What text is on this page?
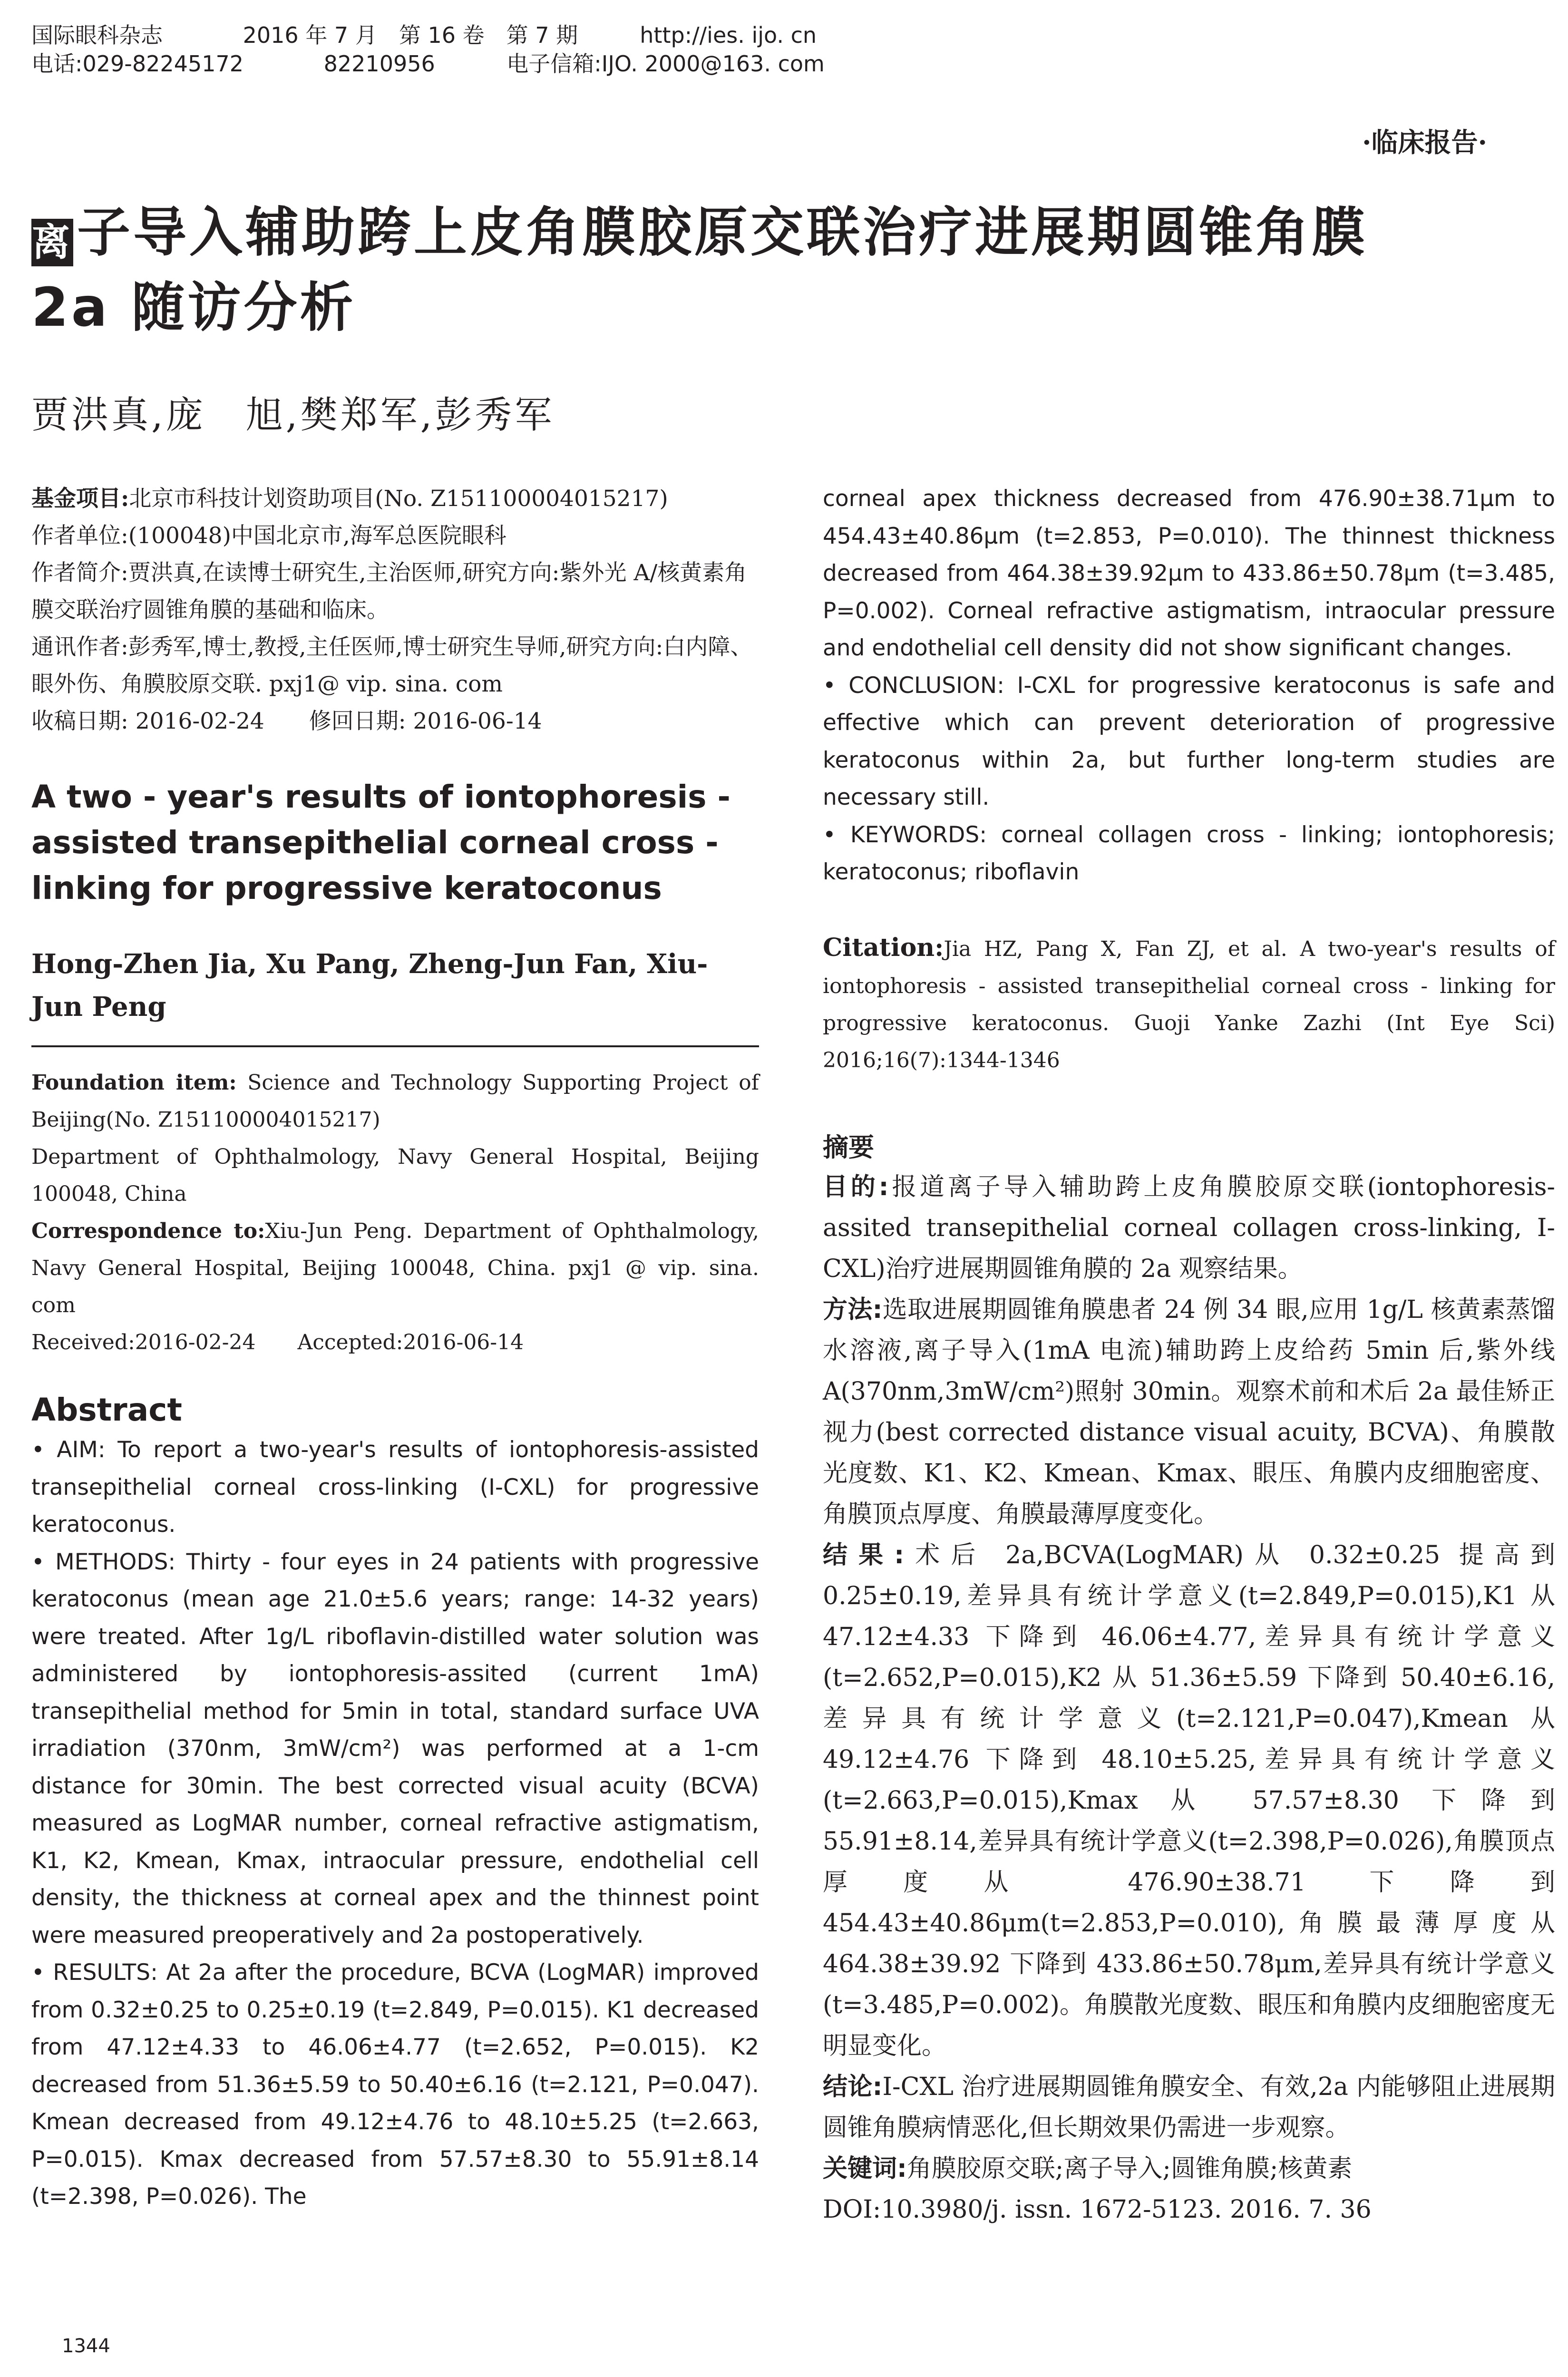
国际眼科杂志	2016 年 7 月　第 16 卷　第 7 期	http://ies. ijo. cn
电话:029-82245172	82210956	电子信箱:IJO. 2000@163. com
·临床报告·
离子导入辅助跨上皮角膜胶原交联治疗进展期圆锥角膜
2a 随访分析
贾洪真,庞　旭,樊郑军,彭秀军

基金项目:北京市科技计划资助项目(No. Z151100004015217)

作者单位:(100048)中国北京市,海军总医院眼科

作者简介:贾洪真,在读博士研究生,主治医师,研究方向:紫外光 A/核黄素角膜交联治疗圆锥角膜的基础和临床。

通讯作者:彭秀军,博士,教授,主任医师,博士研究生导师,研究方向:白内障、眼外伤、角膜胶原交联. pxj1@ vip. sina. com

收稿日期: 2016-02-24　　修回日期: 2016-06-14

A two - year's results of iontophoresis - assisted transepithelial corneal cross - linking for progressive keratoconus
Hong-Zhen Jia, Xu Pang, Zheng-Jun Fan, Xiu-Jun Peng
Foundation item: Science and Technology Supporting Project of Beijing(No. Z151100004015217)
Department of Ophthalmology, Navy General Hospital, Beijing 100048, China
Correspondence to:Xiu-Jun Peng. Department of Ophthalmology, Navy General Hospital, Beijing 100048, China. pxj1 @ vip. sina. com
Received:2016-02-24　　Accepted:2016-06-14
Abstract

• AIM: To report a two-year's results of iontophoresis-assisted transepithelial corneal cross-linking (I-CXL) for progressive keratoconus.

• METHODS: Thirty - four eyes in 24 patients with progressive keratoconus (mean age 21.0±5.6 years; range: 14-32 years) were treated. After 1g/L riboflavin-distilled water solution was administered by iontophoresis-assited (current 1mA) transepithelial method for 5min in total, standard surface UVA irradiation (370nm, 3mW/cm²) was performed at a 1-cm distance for 30min. The best corrected visual acuity (BCVA) measured as LogMAR number, corneal refractive astigmatism, K1, K2, Kmean, Kmax, intraocular pressure, endothelial cell density, the thickness at corneal apex and the thinnest point were measured preoperatively and 2a postoperatively.

• RESULTS: At 2a after the procedure, BCVA (LogMAR) improved from 0.32±0.25 to 0.25±0.19 (t=2.849, P=0.015). K1 decreased from 47.12±4.33 to 46.06±4.77 (t=2.652, P=0.015). K2 decreased from 51.36±5.59 to 50.40±6.16 (t=2.121, P=0.047). Kmean decreased from 49.12±4.76 to 48.10±5.25 (t=2.663, P=0.015). Kmax decreased from 57.57±8.30 to 55.91±8.14 (t=2.398, P=0.026). The

corneal apex thickness decreased from 476.90±38.71μm to 454.43±40.86μm (t=2.853, P=0.010). The thinnest thickness decreased from 464.38±39.92μm to 433.86±50.78μm (t=3.485, P=0.002). Corneal refractive astigmatism, intraocular pressure and endothelial cell density did not show significant changes.

• CONCLUSION: I-CXL for progressive keratoconus is safe and effective which can prevent deterioration of progressive keratoconus within 2a, but further long-term studies are necessary still.

• KEYWORDS: corneal collagen cross - linking; iontophoresis; keratoconus; riboflavin

Citation:Jia HZ, Pang X, Fan ZJ, et al. A two-year's results of iontophoresis - assisted transepithelial corneal cross - linking for progressive keratoconus. Guoji Yanke Zazhi (Int Eye Sci) 2016;16(7):1344-1346
摘要

目的:报道离子导入辅助跨上皮角膜胶原交联(iontophoresis-assited transepithelial corneal collagen cross-linking, I-CXL)治疗进展期圆锥角膜的 2a 观察结果。

方法:选取进展期圆锥角膜患者 24 例 34 眼,应用 1g/L 核黄素蒸馏水溶液,离子导入(1mA 电流)辅助跨上皮给药 5min 后,紫外线 A(370nm,3mW/cm²)照射 30min。观察术前和术后 2a 最佳矫正视力(best corrected distance visual acuity, BCVA)、角膜散光度数、K1、K2、Kmean、Kmax、眼压、角膜内皮细胞密度、角膜顶点厚度、角膜最薄厚度变化。

结果:术后 2a,BCVA(LogMAR)从 0.32±0.25 提高到 0.25±0.19,差异具有统计学意义(t=2.849,P=0.015),K1 从 47.12±4.33 下降到 46.06±4.77,差异具有统计学意义(t=2.652,P=0.015),K2 从 51.36±5.59 下降到 50.40±6.16,差异具有统计学意义(t=2.121,P=0.047),Kmean 从 49.12±4.76 下降到 48.10±5.25,差异具有统计学意义(t=2.663,P=0.015),Kmax 从 57.57±8.30 下降到 55.91±8.14,差异具有统计学意义(t=2.398,P=0.026),角膜顶点厚度从 476.90±38.71 下降到 454.43±40.86μm(t=2.853,P=0.010),角膜最薄厚度从 464.38±39.92 下降到 433.86±50.78μm,差异具有统计学意义(t=3.485,P=0.002)。角膜散光度数、眼压和角膜内皮细胞密度无明显变化。

结论:I-CXL 治疗进展期圆锥角膜安全、有效,2a 内能够阻止进展期圆锥角膜病情恶化,但长期效果仍需进一步观察。

关键词:角膜胶原交联;离子导入;圆锥角膜;核黄素

DOI:10.3980/j. issn. 1672-5123. 2016. 7. 36

1344
